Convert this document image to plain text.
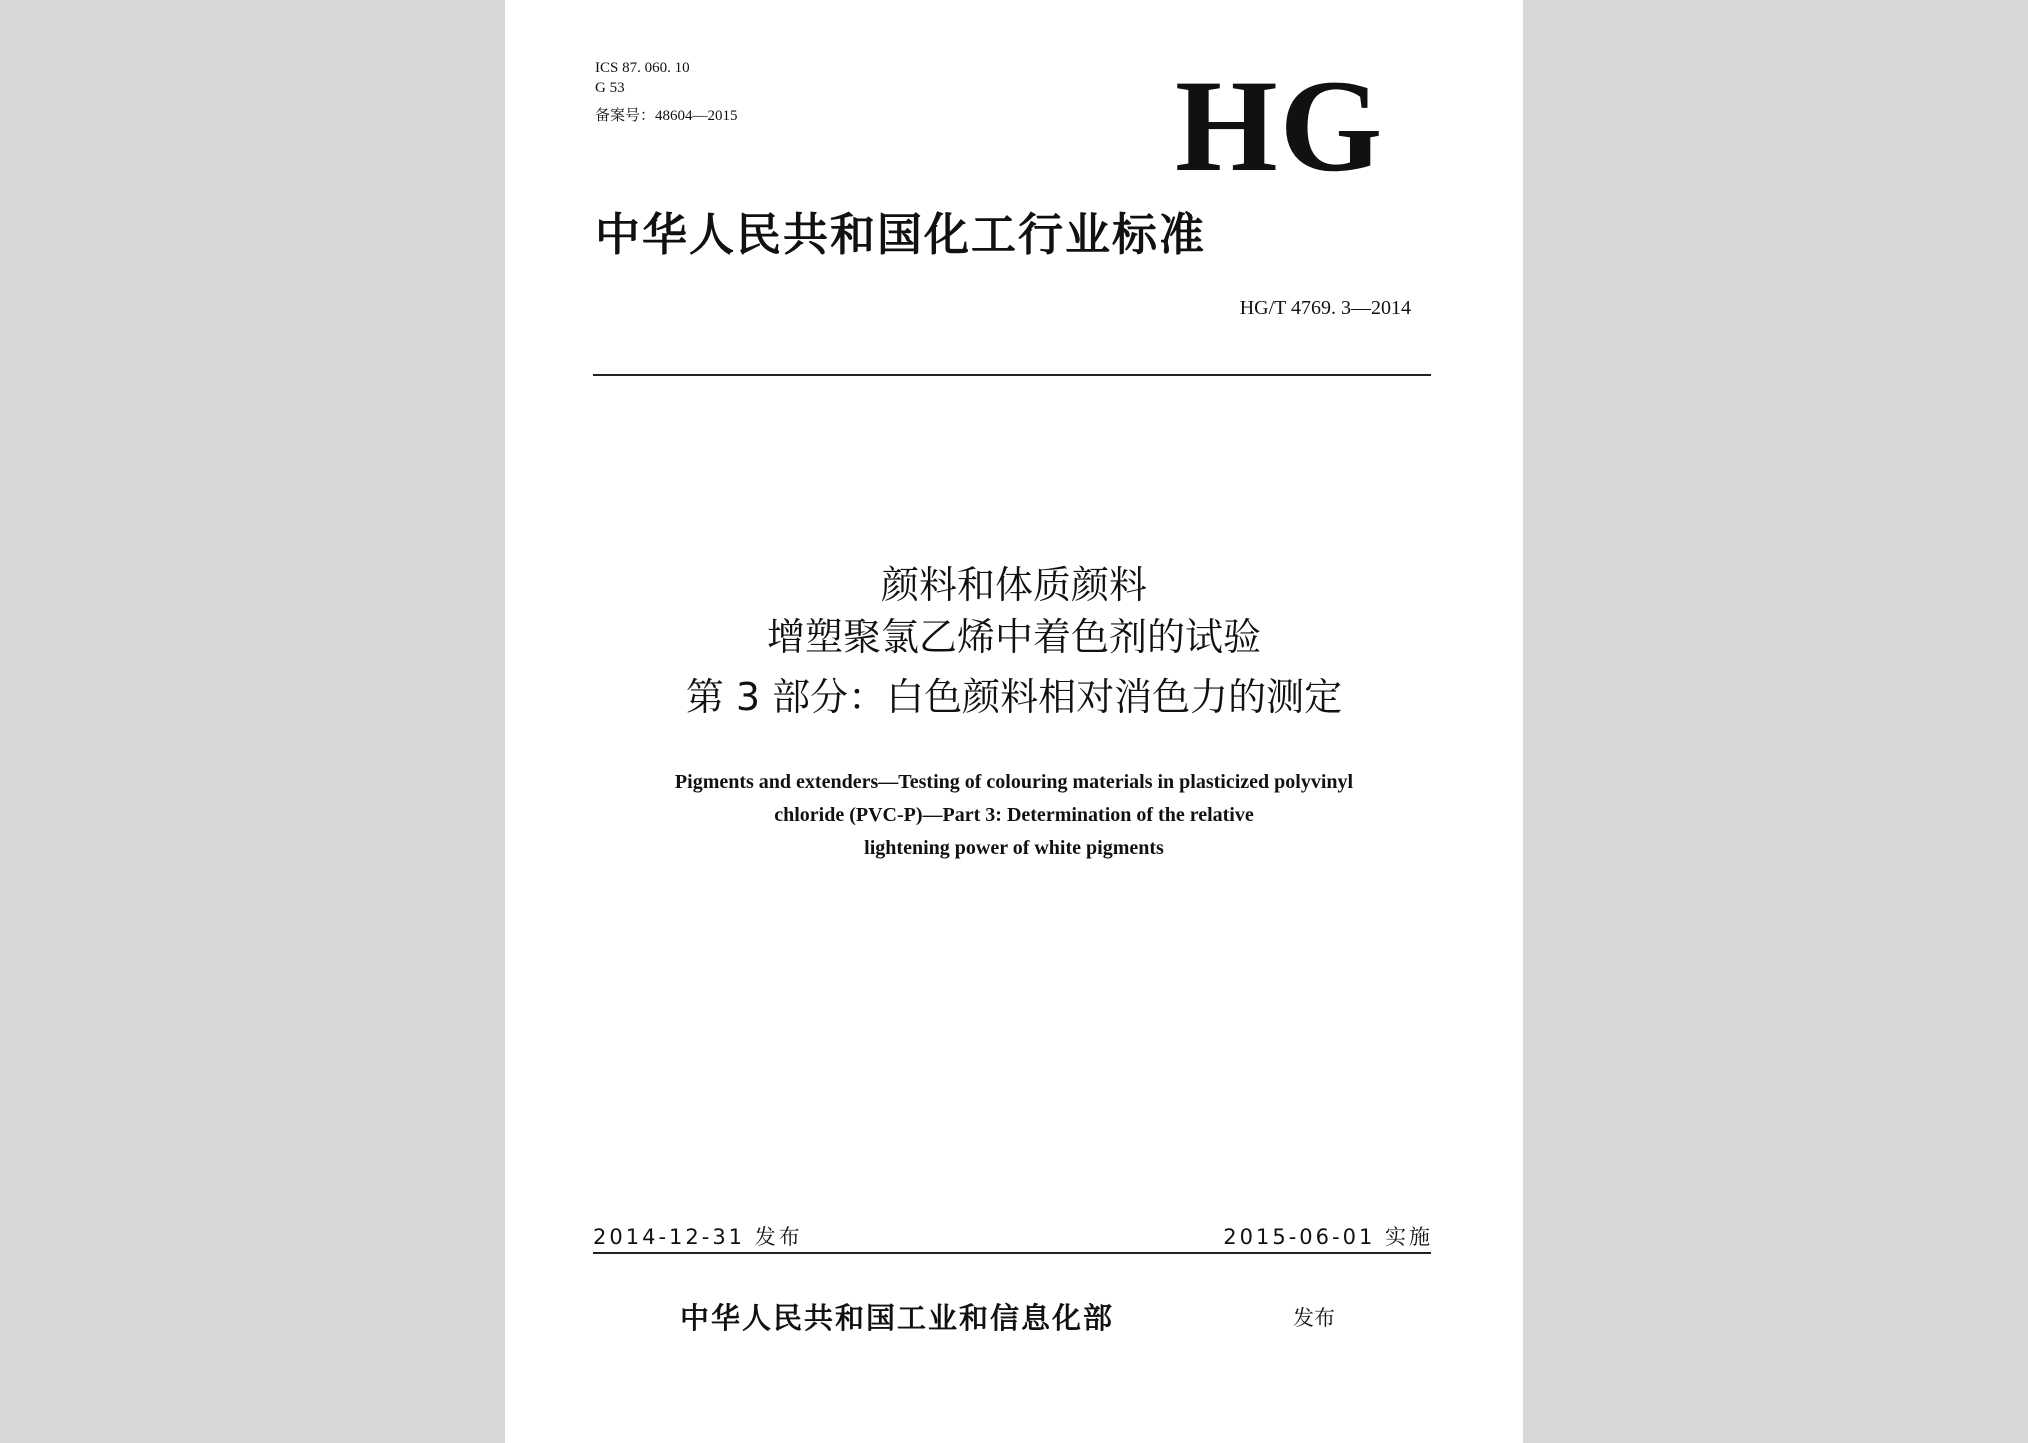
ICS 87. 060. 10
G 53
备案号：48604—2015	HG
中华人民共和国化工行业标准
HG/T 4769. 3—2014
颜料和体质颜料
增塑聚氯乙烯中着色剂的试验
第 3 部分：白色颜料相对消色力的测定
Pigments and extenders—Testing of colouring materials in plasticized polyvinyl
chloride (PVC-P)—Part 3: Determination of the relative
lightening power of white pigments
2014-12-31 发布	2015-06-01 实施
中华人民共和国工业和信息化部	发布
